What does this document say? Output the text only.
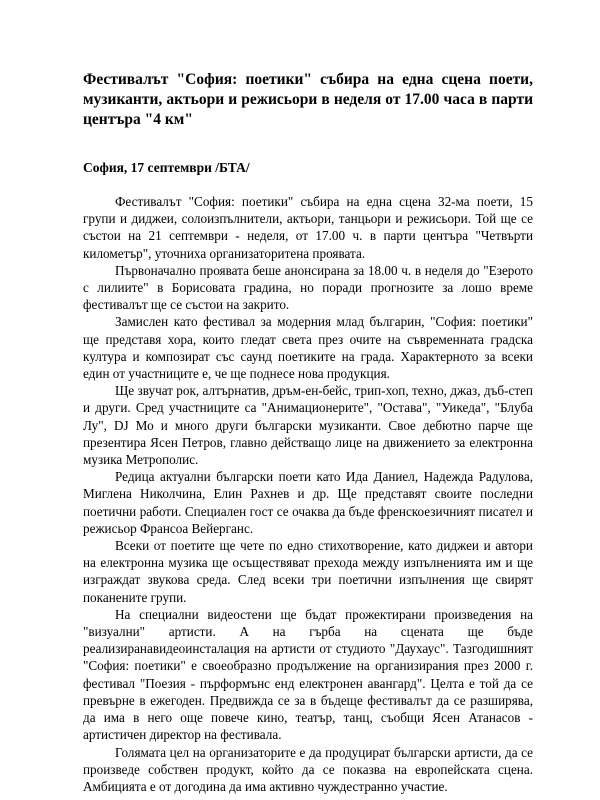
Фестивалът "София: поетики" събира на една сцена поети, музиканти, актьори и режисьори в неделя от 17.00 часа в парти центъра "4 км"

София, 17 септември /БТА/

Фестивалът "София: поетики" събира на една сцена 32-ма поети, 15 групи и диджеи, солоизпълнители, актьори, танцьори и режисьори. Той ще се състои на 21 септември - неделя, от 17.00 ч. в парти центъра "Четвърти километър", уточниха организаторитена проявата.

Първоначално проявата беше анонсирана за 18.00 ч. в неделя до "Езерото с лилиите" в Борисовата градина, но поради прогнозите за лошо време фестивалът ще се състои на закрито.

Замислен като фестивал за модерния млад българин, "София: поетики" ще представя хора, които гледат света през очите на съвременната градска култура и композират със саунд поетиките на града. Характерното за всеки един от участниците е, че ще поднесе нова продукция.

Ще звучат рок, алтърнатив, дръм-ен-бейс, трип-хоп, техно, джаз, дъб-степ и други. Сред участниците са "Анимационерите", "Остава", "Уикеда", "Блуба Лу", DJ Мо и много други български музиканти. Своe дебютно парче ще презентира Ясен Петров, главно действащо лице на движението за електронна музика Метрополис.

Редица актуални български поети като Ида Даниел, Надежда Радулова, Миглена Николчина, Елин Рахнев и др. Ще представят своите последни поетични работи. Специален гост се очаква да бъде френскоезичният писател и режисьор Франсоа Вейерганс.

Всеки от поетите ще чете по едно стихотворение, като диджеи и автори на електронна музика ще осъществяват прехода между изпълненията им и ще изграждат звукова среда. След всеки три поетични изпълнения ще свирят поканените групи.

На специални видеостени ще бъдат прожектирани произведения на "визуални" артисти. А на гърба на сцената ще бъде реализиранавидеоинсталация на артисти от студиото "Даухаус". Тазгодишният "София: поетики" е своеобразно продължение на организирания през 2000 г. фестивал "Поезия - пърформънс енд електронен авангард". Целта е той да се превърне в ежегоден. Предвижда се за в бъдеще фестивалът да се разширява, да има в него още повече кино, театър, танц, съобщи Ясен Атанасов - артистичен директор на фестивала.

Голямата цел на организаторите е да продуцират български артисти, да се произведе собствен продукт, който да се показва на европейската сцена. Амбицията е от догодина да има активно чуждестранно участие.
